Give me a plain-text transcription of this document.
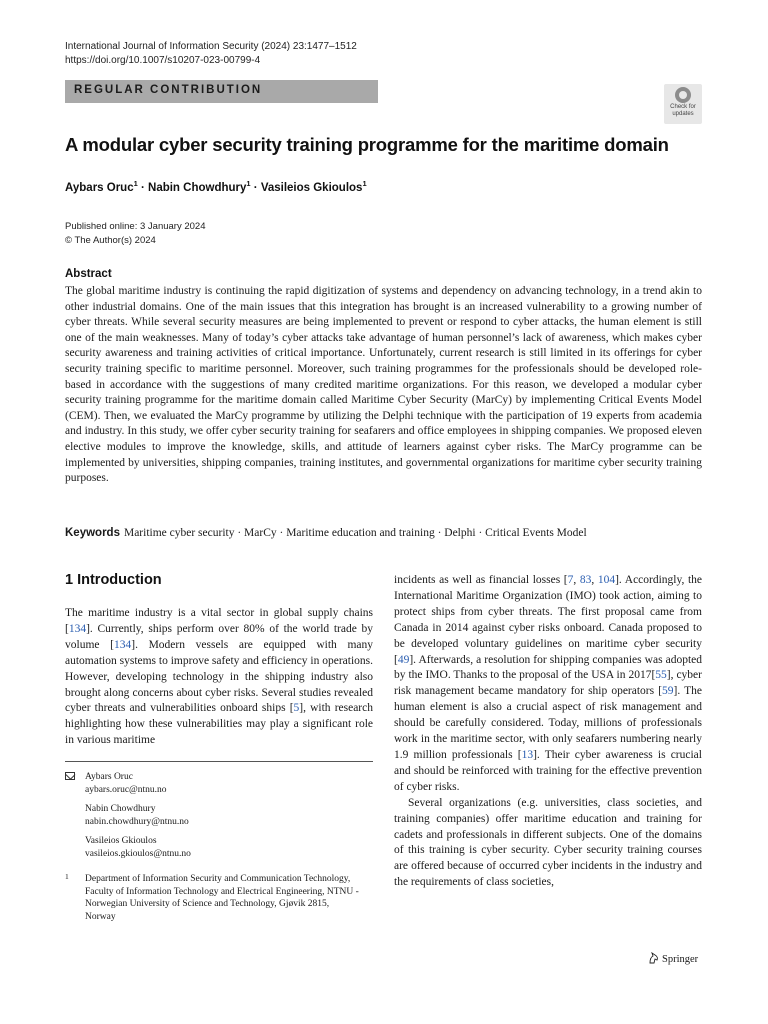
International Journal of Information Security (2024) 23:1477–1512
https://doi.org/10.1007/s10207-023-00799-4
REGULAR CONTRIBUTION
Check for
updates
A modular cyber security training programme for the maritime domain
Aybars Oruc$^1$ · Nabin Chowdhury$^1$ · Vasileios Gkioulos$^1$
Published online: 3 January 2024
© The Author(s) 2024
Abstract
The global maritime industry is continuing the rapid digitization of systems and dependency on advancing technology, in a trend akin to other industrial domains. One of the main issues that this integration has brought is an increased vulnerability to a growing number of cyber threats. While several security measures are being implemented to prevent or respond to cyber attacks, the human element is still one of the main weaknesses. Many of today’s cyber attacks take advantage of human personnel’s lack of awareness, which makes cyber security awareness and training activities of critical importance. Unfortunately, current research is still limited in its offerings for cyber security training specific to maritime personnel. Moreover, such training programmes for the professionals should be developed role-based in accordance with the suggestions of many credited maritime organizations. For this reason, we developed a modular cyber security training programme for the maritime domain called Maritime Cyber Security (MarCy) by implementing Critical Events Model (CEM). Then, we evaluated the MarCy programme by utilizing the Delphi technique with the participation of 19 experts from academia and industry. In this study, we offer cyber security training for seafarers and office employees in shipping companies. We proposed eleven elective modules to improve the knowledge, skills, and attitude of learners against cyber risks. The MarCy programme can be implemented by universities, shipping companies, training institutes, and governmental organizations for maritime cyber security training purposes.
Keywords Maritime cyber security · MarCy · Maritime education and training · Delphi · Critical Events Model
1 Introduction

The maritime industry is a vital sector in global supply chains [134]. Currently, ships perform over 80% of the world trade by volume [134]. Modern vessels are equipped with many automation systems to improve safety and efficiency in operations. However, developing technology in the shipping industry also brought along concerns about cyber risks. Several studies revealed cyber threats and vulnerabilities onboard ships [5], with research highlighting how these vulnerabilities may play a significant role in various maritime

incidents as well as financial losses [7, 83, 104]. Accordingly, the International Maritime Organization (IMO) took action, aiming to protect ships from cyber threats. The first proposal came from Canada in 2014 against cyber risks onboard. Canada proposed to be developed voluntary guidelines on maritime cyber security [49]. Afterwards, a resolution for shipping companies was adopted by the IMO. Thanks to the proposal of the USA in 2017[55], cyber risk management became mandatory for ship operators [59]. The human element is also a crucial aspect of risk management and should be carefully considered. Today, millions of professionals work in the maritime sector, with only seafarers numbering nearly 1.9 million professionals [13]. Their cyber awareness is crucial and should be reinforced with training for the effective prevention of cyber risks.

Several organizations (e.g. universities, class societies, and training companies) offer maritime education and training for cadets and professionals in different subjects. One of the domains of this training is cyber security. Cyber security training courses are offered because of occurred cyber incidents in the industry and the requirements of class societies,

Aybars Oruc
aybars.oruc@ntnu.no
Nabin Chowdhury
nabin.chowdhury@ntnu.no
Vasileios Gkioulos
vasileios.gkioulos@ntnu.no
1 Department of Information Security and Communication Technology, Faculty of Information Technology and Electrical Engineering, NTNU - Norwegian University of Science and Technology, Gjøvik 2815, Norway
Springer
